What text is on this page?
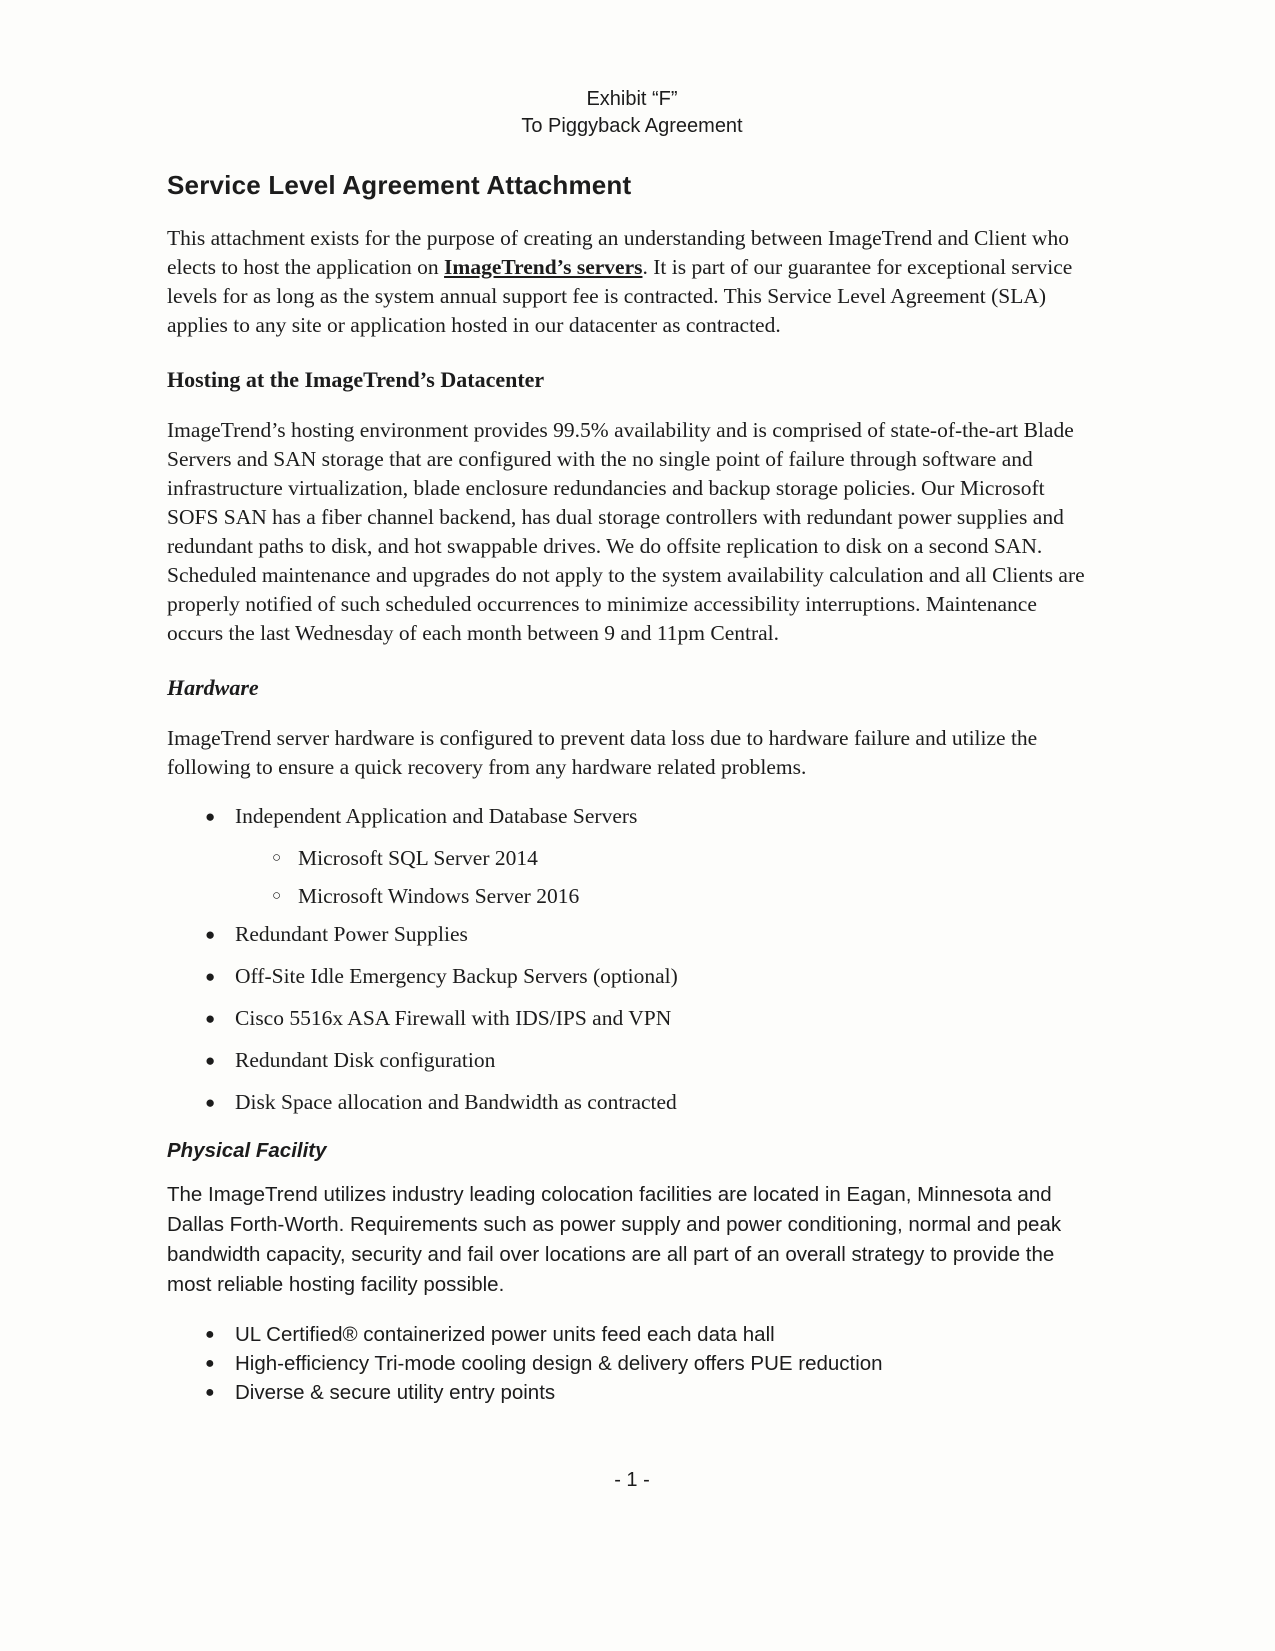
Exhibit “F”
To Piggyback Agreement
Service Level Agreement Attachment
This attachment exists for the purpose of creating an understanding between ImageTrend and Client who elects to host the application on ImageTrend’s servers. It is part of our guarantee for exceptional service levels for as long as the system annual support fee is contracted. This Service Level Agreement (SLA) applies to any site or application hosted in our datacenter as contracted.
Hosting at the ImageTrend’s Datacenter
ImageTrend’s hosting environment provides 99.5% availability and is comprised of state-of-the-art Blade Servers and SAN storage that are configured with the no single point of failure through software and infrastructure virtualization, blade enclosure redundancies and backup storage policies. Our Microsoft SOFS SAN has a fiber channel backend, has dual storage controllers with redundant power supplies and redundant paths to disk, and hot swappable drives. We do offsite replication to disk on a second SAN. Scheduled maintenance and upgrades do not apply to the system availability calculation and all Clients are properly notified of such scheduled occurrences to minimize accessibility interruptions. Maintenance occurs the last Wednesday of each month between 9 and 11pm Central.
Hardware
ImageTrend server hardware is configured to prevent data loss due to hardware failure and utilize the following to ensure a quick recovery from any hardware related problems.
● Independent Application and Database Servers
○ Microsoft SQL Server 2014
○ Microsoft Windows Server 2016
● Redundant Power Supplies
● Off-Site Idle Emergency Backup Servers (optional)
● Cisco 5516x ASA Firewall with IDS/IPS and VPN
● Redundant Disk configuration
● Disk Space allocation and Bandwidth as contracted
Physical Facility
The ImageTrend utilizes industry leading colocation facilities are located in Eagan, Minnesota and Dallas Forth-Worth. Requirements such as power supply and power conditioning, normal and peak bandwidth capacity, security and fail over locations are all part of an overall strategy to provide the most reliable hosting facility possible.
● UL Certified® containerized power units feed each data hall
● High-efficiency Tri-mode cooling design & delivery offers PUE reduction
● Diverse & secure utility entry points
- 1 -
